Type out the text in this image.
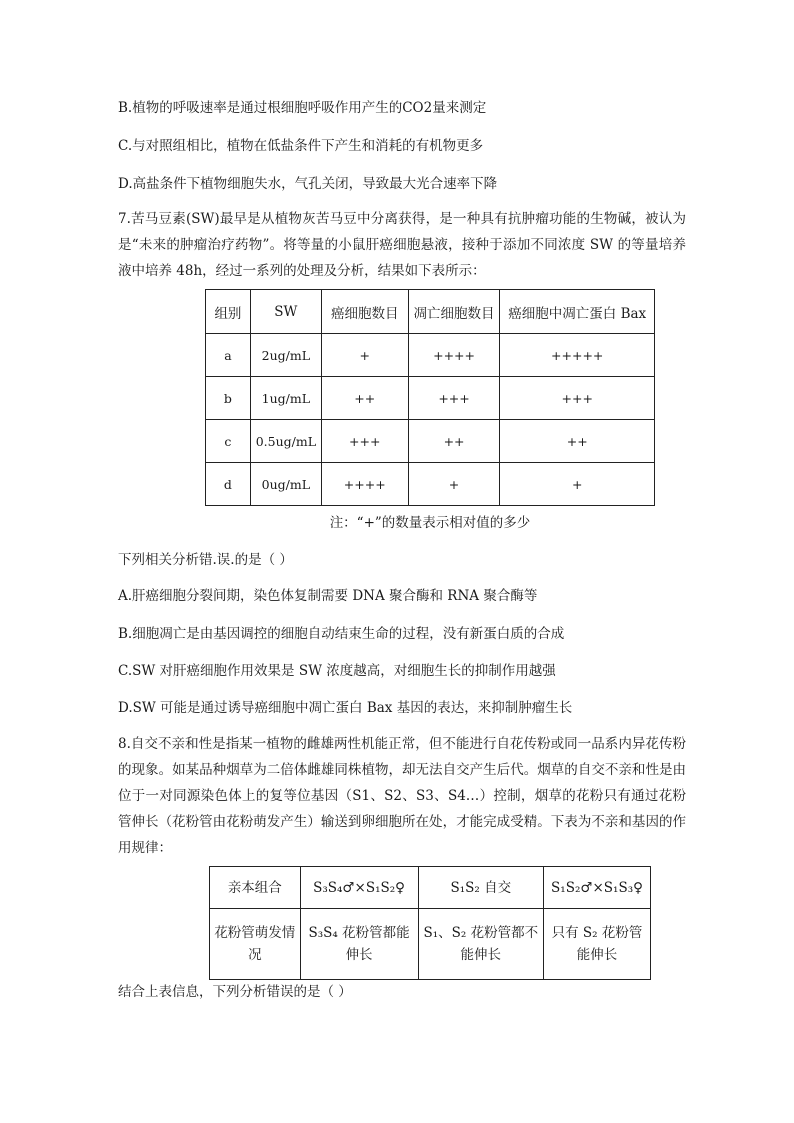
B.植物的呼吸速率是通过根细胞呼吸作用产生的CO2量来测定
C.与对照组相比，植物在低盐条件下产生和消耗的有机物更多
D.高盐条件下植物细胞失水，气孔关闭，导致最大光合速率下降
7.苦马豆素(SW)最早是从植物灰苦马豆中分离获得，是一种具有抗肿瘤功能的生物碱，被认为是“未来的肿瘤治疗药物”。将等量的小鼠肝癌细胞悬液，接种于添加不同浓度 SW 的等量培养液中培养 48h，经过一系列的处理及分析，结果如下表所示：
组别	SW	癌细胞数目	凋亡细胞数目	癌细胞中凋亡蛋白 Bax
a	2ug/mL	+	++++	+++++
b	1ug/mL	++	+++	+++
c	0.5ug/mL	+++	++	++
d	0ug/mL	++++	+	+
注：“+”的数量表示相对值的多少
下列相关分析错.误.的是（ ）
A.肝癌细胞分裂间期，染色体复制需要 DNA 聚合酶和 RNA 聚合酶等
B.细胞凋亡是由基因调控的细胞自动结束生命的过程，没有新蛋白质的合成
C.SW 对肝癌细胞作用效果是 SW 浓度越高，对细胞生长的抑制作用越强
D.SW 可能是通过诱导癌细胞中凋亡蛋白 Bax 基因的表达，来抑制肿瘤生长
8.自交不亲和性是指某一植物的雌雄两性机能正常，但不能进行自花传粉或同一品系内异花传粉的现象。如某品种烟草为二倍体雌雄同株植物，却无法自交产生后代。烟草的自交不亲和性是由位于一对同源染色体上的复等位基因（S1、S2、S3、S4…）控制，烟草的花粉只有通过花粉管伸长（花粉管由花粉萌发产生）输送到卵细胞所在处，才能完成受精。下表为不亲和基因的作用规律：
亲本组合	S₃S₄♂×S₁S₂♀	S₁S₂ 自交	S₁S₂♂×S₁S₃♀
花粉管萌发情况	S₃S₄ 花粉管都能伸长	S₁、S₂ 花粉管都不能伸长	只有 S₂ 花粉管能伸长
结合上表信息，下列分析错误的是（ ）
